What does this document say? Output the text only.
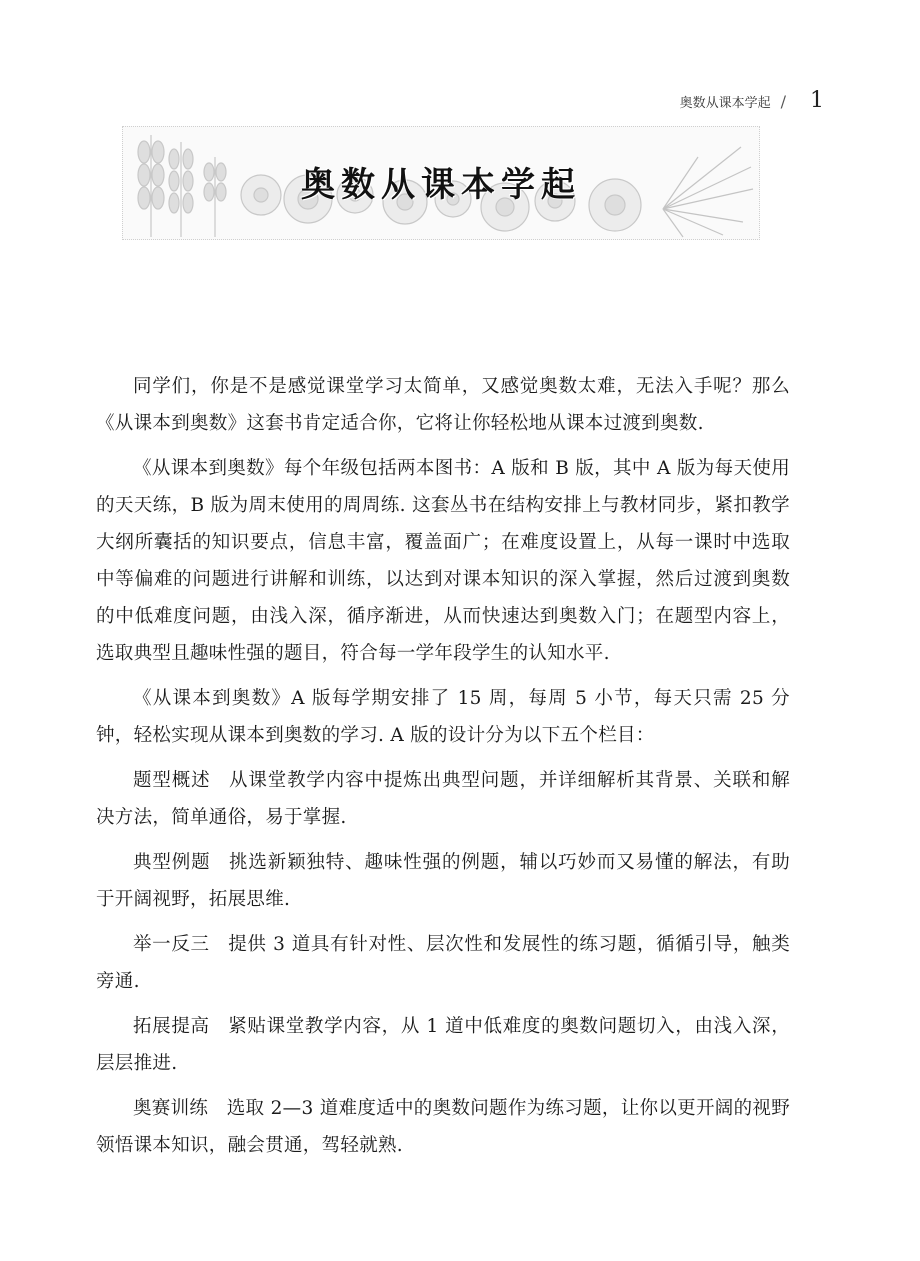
奥数从课本学起 / 1
奥数从课本学起

同学们，你是不是感觉课堂学习太简单，又感觉奥数太难，无法入手呢？那么《从课本到奥数》这套书肯定适合你，它将让你轻松地从课本过渡到奥数.

《从课本到奥数》每个年级包括两本图书：A 版和 B 版，其中 A 版为每天使用的天天练，B 版为周末使用的周周练. 这套丛书在结构安排上与教材同步，紧扣教学大纲所囊括的知识要点，信息丰富，覆盖面广；在难度设置上，从每一课时中选取中等偏难的问题进行讲解和训练，以达到对课本知识的深入掌握，然后过渡到奥数的中低难度问题，由浅入深，循序渐进，从而快速达到奥数入门；在题型内容上，选取典型且趣味性强的题目，符合每一学年段学生的认知水平.

《从课本到奥数》A 版每学期安排了 15 周，每周 5 小节，每天只需 25 分钟，轻松实现从课本到奥数的学习. A 版的设计分为以下五个栏目：

题型概述 从课堂教学内容中提炼出典型问题，并详细解析其背景、关联和解决方法，简单通俗，易于掌握.

典型例题 挑选新颖独特、趣味性强的例题，辅以巧妙而又易懂的解法，有助于开阔视野，拓展思维.

举一反三 提供 3 道具有针对性、层次性和发展性的练习题，循循引导，触类旁通.

拓展提高 紧贴课堂教学内容，从 1 道中低难度的奥数问题切入，由浅入深，层层推进.

奥赛训练 选取 2—3 道难度适中的奥数问题作为练习题，让你以更开阔的视野领悟课本知识，融会贯通，驾轻就熟.
